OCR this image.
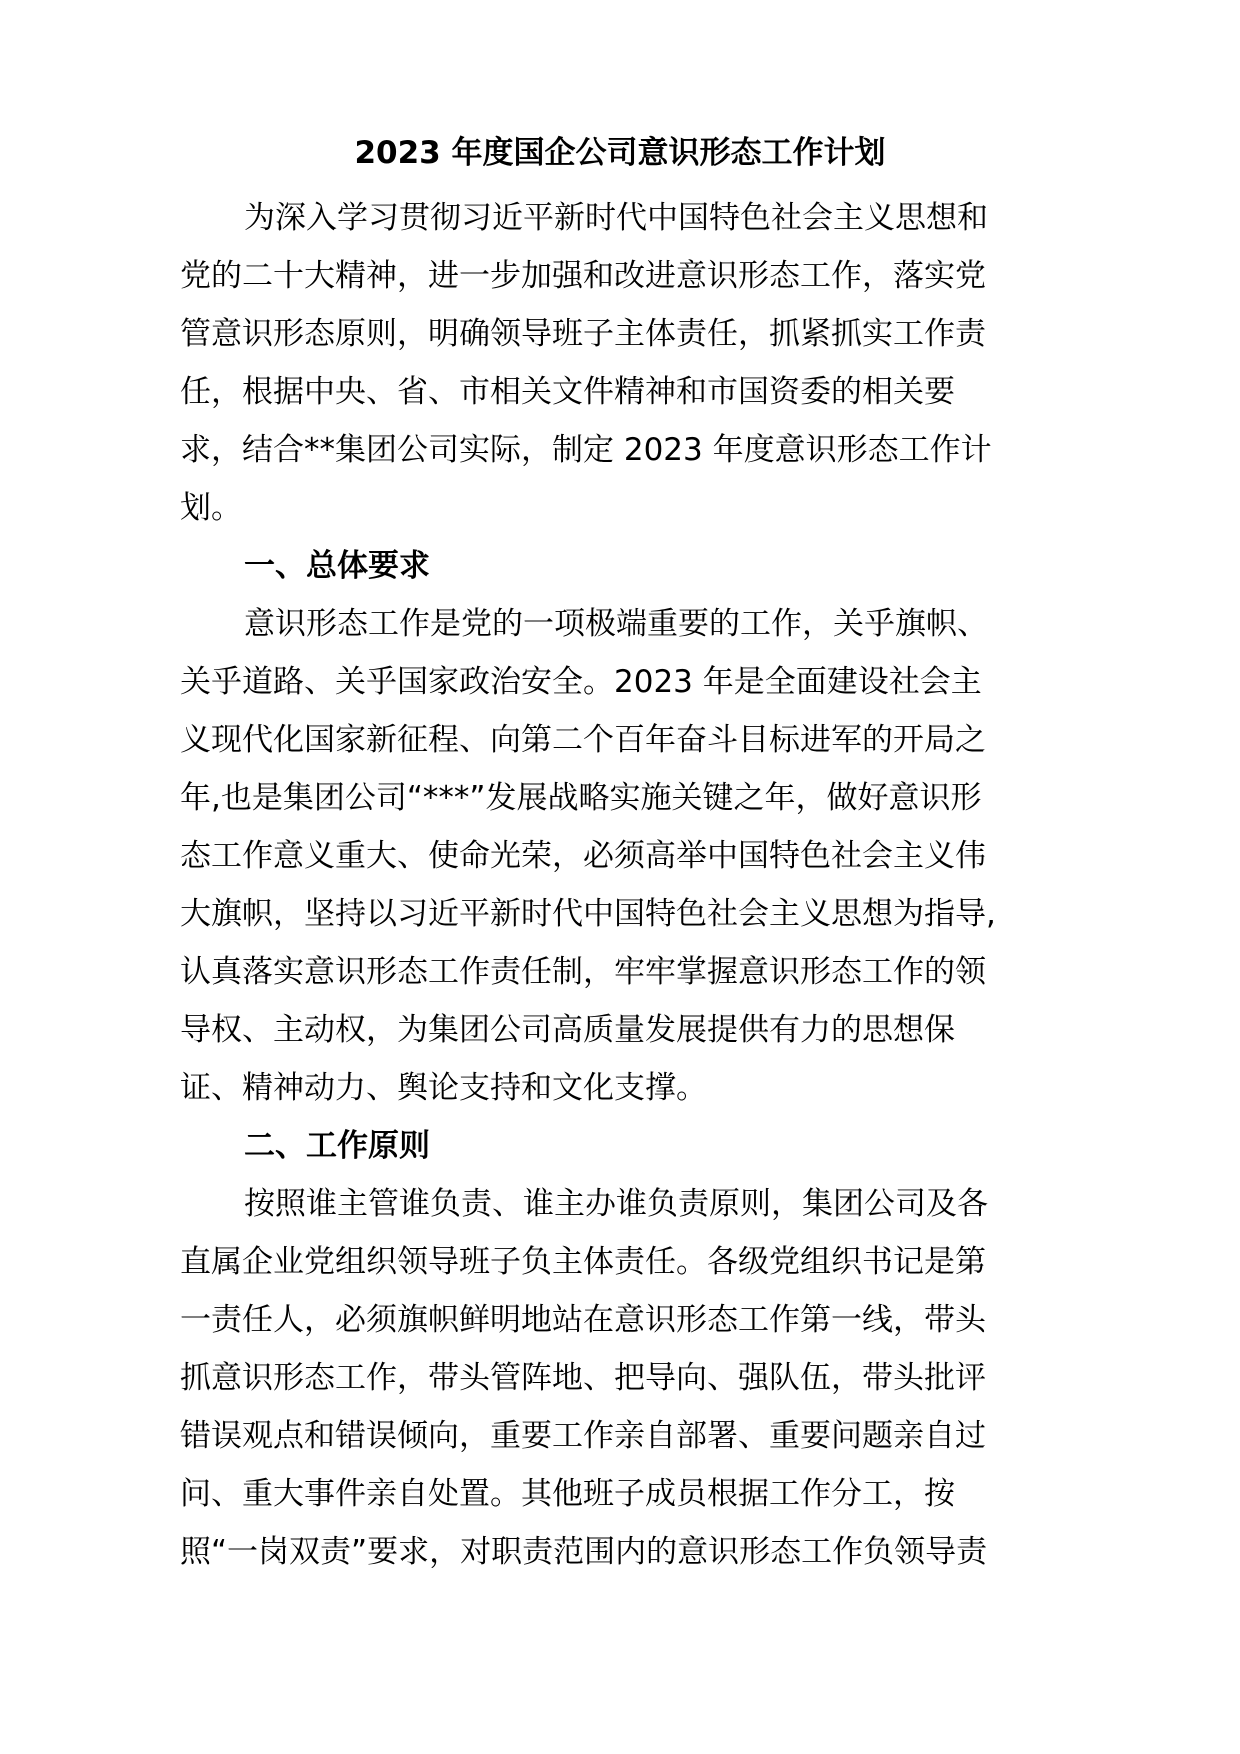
2023 年度国企公司意识形态工作计划
为深入学习贯彻习近平新时代中国特色社会主义思想和
党的二十大精神，进一步加强和改进意识形态工作，落实党
管意识形态原则，明确领导班子主体责任，抓紧抓实工作责
任，根据中央、省、市相关文件精神和市国资委的相关要
求，结合**集团公司实际，制定 2023 年度意识形态工作计
划。
一、总体要求
意识形态工作是党的一项极端重要的工作，关乎旗帜、
关乎道路、关乎国家政治安全。2023 年是全面建设社会主
义现代化国家新征程、向第二个百年奋斗目标进军的开局之
年,也是集团公司“***”发展战略实施关键之年，做好意识形
态工作意义重大、使命光荣，必须高举中国特色社会主义伟
大旗帜，坚持以习近平新时代中国特色社会主义思想为指导,
认真落实意识形态工作责任制，牢牢掌握意识形态工作的领
导权、主动权，为集团公司高质量发展提供有力的思想保
证、精神动力、舆论支持和文化支撑。
二、工作原则
按照谁主管谁负责、谁主办谁负责原则，集团公司及各
直属企业党组织领导班子负主体责任。各级党组织书记是第
一责任人，必须旗帜鲜明地站在意识形态工作第一线，带头
抓意识形态工作，带头管阵地、把导向、强队伍，带头批评
错误观点和错误倾向，重要工作亲自部署、重要问题亲自过
问、重大事件亲自处置。其他班子成员根据工作分工，按
照“一岗双责”要求，对职责范围内的意识形态工作负领导责
